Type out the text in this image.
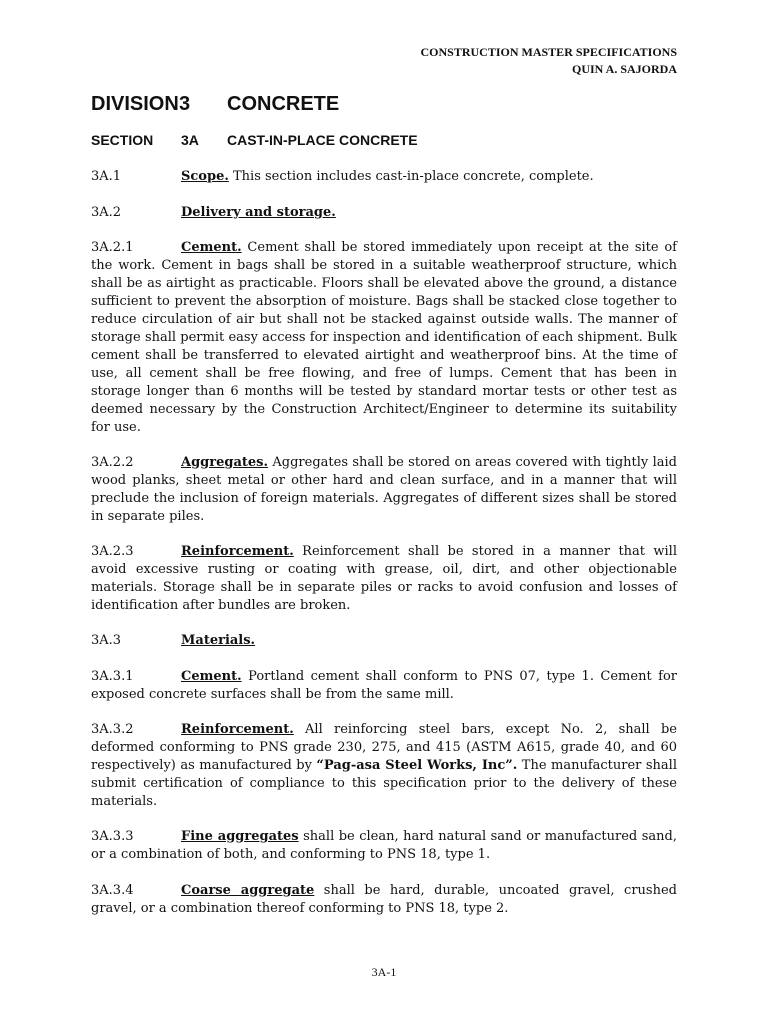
CONSTRUCTION MASTER SPECIFICATIONS
QUIN A. SAJORDA
DIVISION 3 CONCRETE
SECTION 3A CAST-IN-PLACE CONCRETE
3A.1	Scope. This section includes cast-in-place concrete, complete.
3A.2	Delivery and storage.
3A.2.1	Cement. Cement shall be stored immediately upon receipt at the site of the work. Cement in bags shall be stored in a suitable weatherproof structure, which shall be as airtight as practicable. Floors shall be elevated above the ground, a distance sufficient to prevent the absorption of moisture. Bags shall be stacked close together to reduce circulation of air but shall not be stacked against outside walls. The manner of storage shall permit easy access for inspection and identification of each shipment. Bulk cement shall be transferred to elevated airtight and weatherproof bins. At the time of use, all cement shall be free flowing, and free of lumps. Cement that has been in storage longer than 6 months will be tested by standard mortar tests or other test as deemed necessary by the Construction Architect/Engineer to determine its suitability for use.
3A.2.2	Aggregates. Aggregates shall be stored on areas covered with tightly laid wood planks, sheet metal or other hard and clean surface, and in a manner that will preclude the inclusion of foreign materials. Aggregates of different sizes shall be stored in separate piles.
3A.2.3	Reinforcement. Reinforcement shall be stored in a manner that will avoid excessive rusting or coating with grease, oil, dirt, and other objectionable materials. Storage shall be in separate piles or racks to avoid confusion and losses of identification after bundles are broken.
3A.3	Materials.
3A.3.1	Cement. Portland cement shall conform to PNS 07, type 1. Cement for exposed concrete surfaces shall be from the same mill.
3A.3.2	Reinforcement. All reinforcing steel bars, except No. 2, shall be deformed conforming to PNS grade 230, 275, and 415 (ASTM A615, grade 40, and 60 respectively) as manufactured by “Pag-asa Steel Works, Inc”. The manufacturer shall submit certification of compliance to this specification prior to the delivery of these materials.
3A.3.3	Fine aggregates shall be clean, hard natural sand or manufactured sand, or a combination of both, and conforming to PNS 18, type 1.
3A.3.4	Coarse aggregate shall be hard, durable, uncoated gravel, crushed gravel, or a combination thereof conforming to PNS 18, type 2.
3A-1
